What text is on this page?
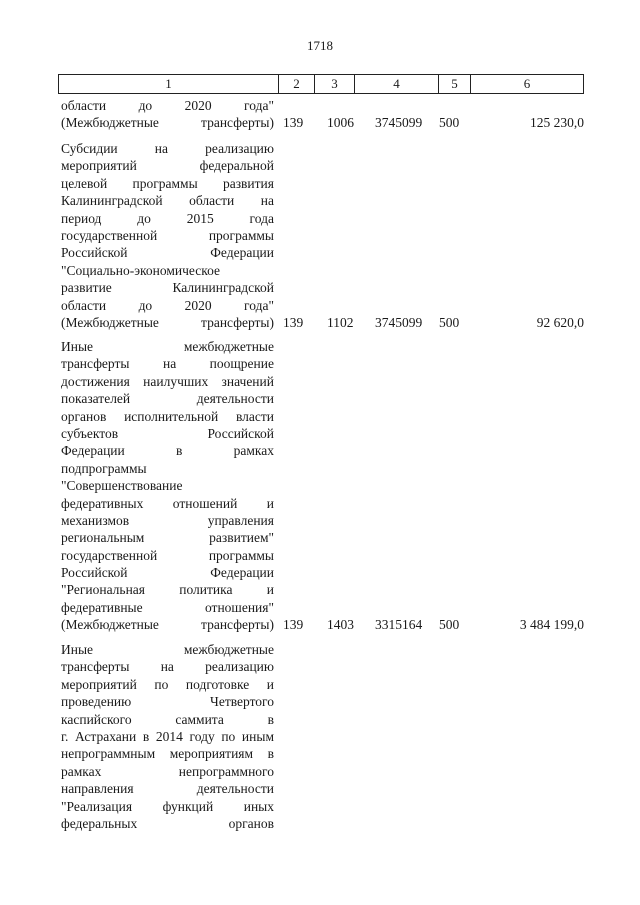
1718
1	2	3	4	5	6
области до 2020 года"
(Межбюджетные трансферты) 139 1006 3745099 500	125 230,0
Субсидии	на	реализацию
мероприятий	федеральной
целевой программы развития
Калининградской области на
период	до	2015	года
государственной	программы
Российской	Федерации
"Социально-экономическое
развитие	Калининградской
области до 2020 года"
(Межбюджетные трансферты) 139 1102 3745099 500	92 620,0
Иные	межбюджетные
трансферты на поощрение
достижения наилучших значений
показателей	деятельности
органов исполнительной власти
субъектов	Российской
Федерации	в	рамках
подпрограммы
"Совершенствование
федеративных отношений и
механизмов	управления
региональным	развитием"
государственной	программы
Российской	Федерации
"Региональная	политика	и
федеративные	отношения"
(Межбюджетные трансферты) 139 1403 3315164 500	3 484 199,0
Иные	межбюджетные
трансферты на реализацию
мероприятий по подготовке и
проведению	Четвертого
каспийского	саммита	в
г. Астрахани в 2014 году по иным
непрограммным мероприятиям в
рамках	непрограммного
направления	деятельности
"Реализация функций иных
федеральных	органов
